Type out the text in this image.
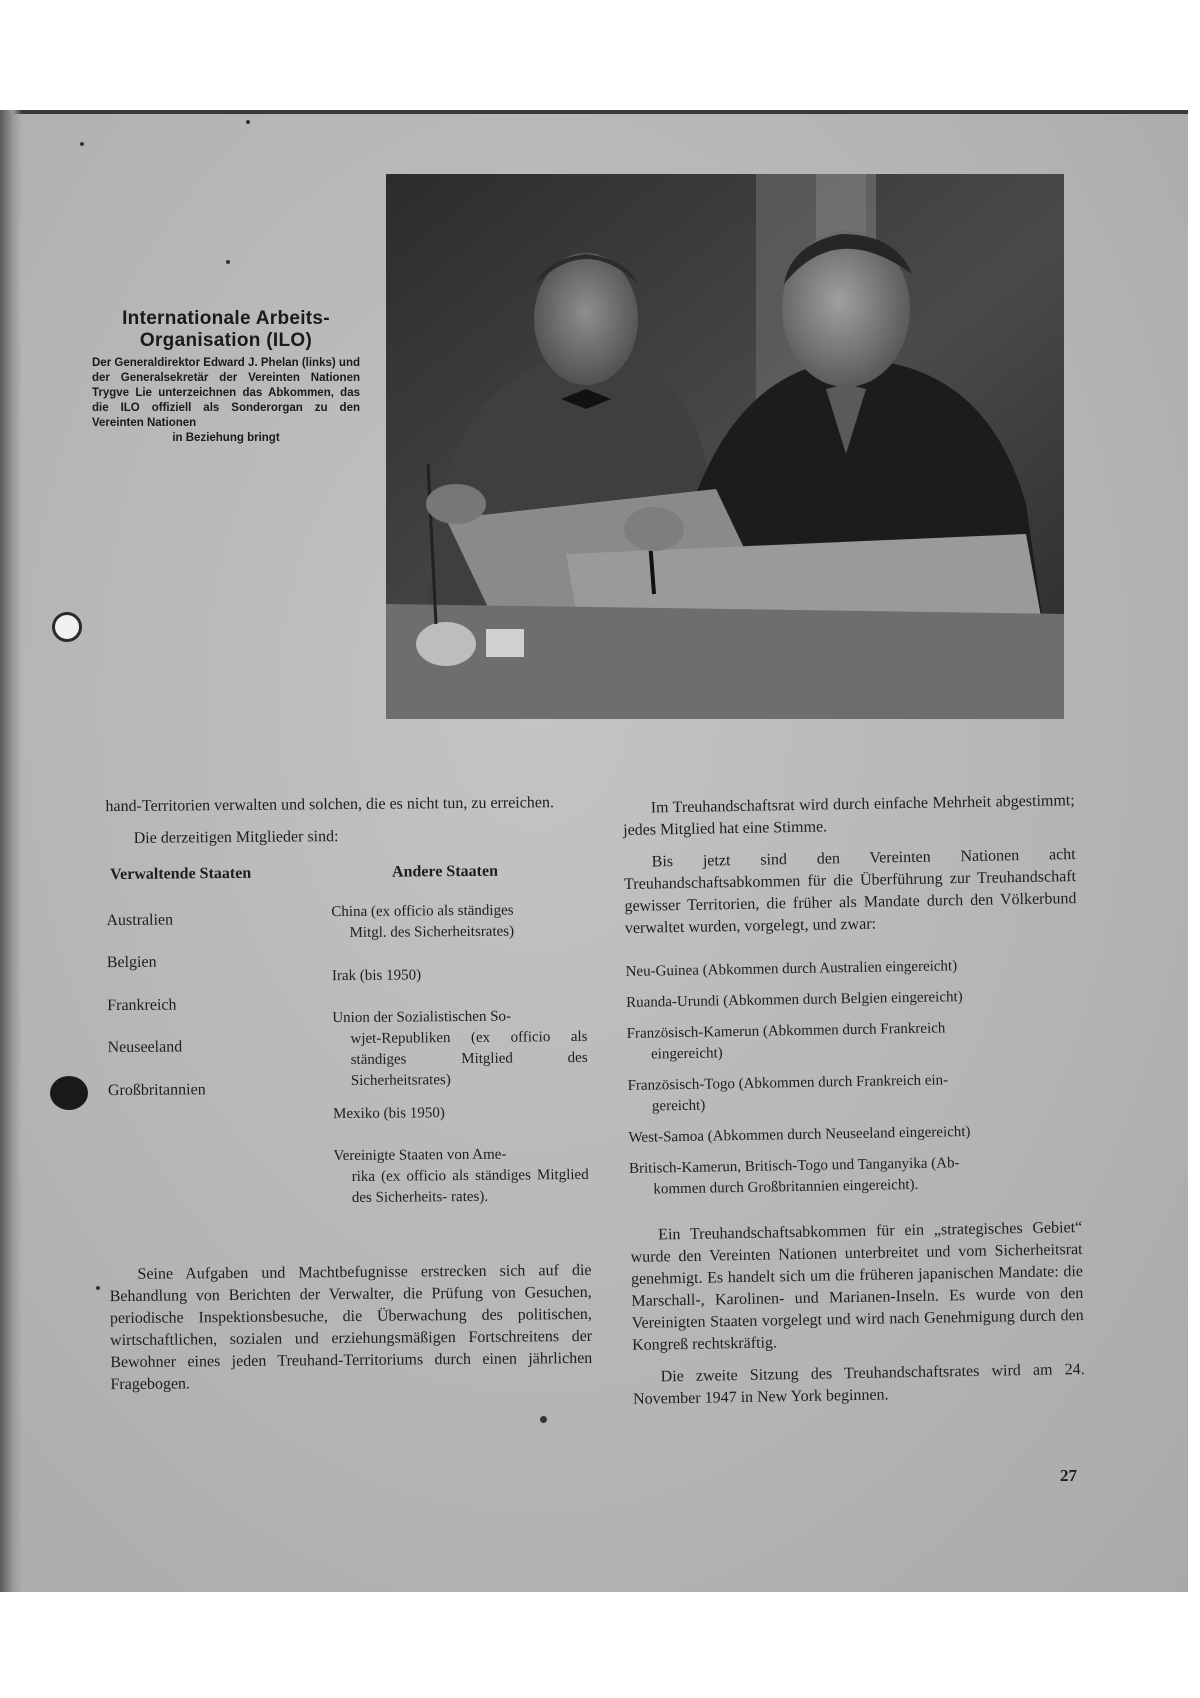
Internationale Arbeits-
Organisation (ILO)
Der Generaldirektor Edward J. Phelan (links) und der Generalsekretär der Vereinten Nationen Trygve Lie unterzeichnen das Abkommen, das die ILO offiziell als Sonderorgan zu den Vereinten Nationen
in Beziehung bringt

hand-Territorien verwalten und solchen, die es nicht tun, zu erreichen.

Die derzeitigen Mitglieder sind:

Verwaltende Staaten	Andere Staaten
Australien
Belgien
Frankreich
Neuseeland
Großbritannien
China (ex officio als ständiges
Mitgl. des Sicherheitsrates)
Irak (bis 1950)
Union der Sozialistischen So-
wjet-Republiken (ex officio als ständiges Mitglied des Sicherheitsrates)
Mexiko (bis 1950)
Vereinigte Staaten von Ame-
rika (ex officio als ständiges Mitglied des Sicherheits- rates).

Seine Aufgaben und Machtbefugnisse erstrecken sich auf die Behandlung von Berichten der Verwalter, die Prüfung von Gesuchen, periodische Inspektionsbesuche, die Überwachung des politischen, wirtschaftlichen, sozialen und erziehungsmäßigen Fortschreitens der Bewohner eines jeden Treuhand-Territoriums durch einen jährlichen Fragebogen.

Im Treuhandschaftsrat wird durch einfache Mehrheit abgestimmt; jedes Mitglied hat eine Stimme.

Bis jetzt sind den Vereinten Nationen acht Treuhandschaftsabkommen für die Überführung zur Treuhandschaft gewisser Territorien, die früher als Mandate durch den Völkerbund verwaltet wurden, vorgelegt, und zwar:

Neu-Guinea (Abkommen durch Australien eingereicht)
Ruanda-Urundi (Abkommen durch Belgien eingereicht)
Französisch-Kamerun (Abkommen durch Frankreich
eingereicht)
Französisch-Togo (Abkommen durch Frankreich ein-
gereicht)
West-Samoa (Abkommen durch Neuseeland eingereicht)
Britisch-Kamerun, Britisch-Togo und Tanganyika (Ab-
kommen durch Großbritannien eingereicht).

Ein Treuhandschaftsabkommen für ein „strategisches Gebiet“ wurde den Vereinten Nationen unterbreitet und vom Sicherheitsrat genehmigt. Es handelt sich um die früheren japanischen Mandate: die Marschall-, Karolinen- und Marianen-Inseln. Es wurde von den Vereinigten Staaten vorgelegt und wird nach Genehmigung durch den Kongreß rechtskräftig.

Die zweite Sitzung des Treuhandschaftsrates wird am 24. November 1947 in New York beginnen.

27
